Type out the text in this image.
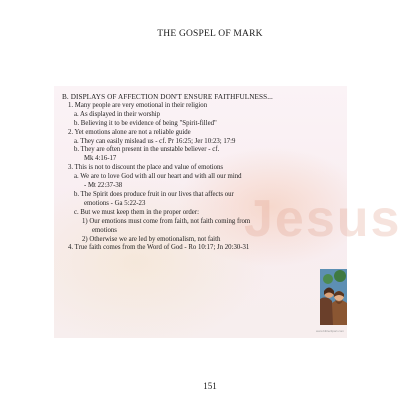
THE GOSPEL OF MARK
Jesus
B. DISPLAYS OF AFFECTION DON'T ENSURE FAITHFULNESS...
1. Many people are very emotional in their religion
a. As displayed in their worship
b. Believing it to be evidence of being "Spirit-filled"
2. Yet emotions alone are not a reliable guide
a. They can easily mislead us - cf. Pr 16:25; Jer 10:23; 17:9
b. They are often present in the unstable believer - cf.
Mk 4:16-17
3. This is not to discount the place and value of emotions
a. We are to love God with all our heart and with all our mind
- Mt 22:37-38
b. The Spirit does produce fruit in our lives that affects our
emotions - Ga 5:22-23
c. But we must keep them in the proper order:
1) Our emotions must come from faith, not faith coming from
emotions
2) Otherwise we are led by emotionalism, not faith
4. True faith comes from the Word of God - Ro 10:17; Jn 20:30-31
www.bibleclipart.com
151
